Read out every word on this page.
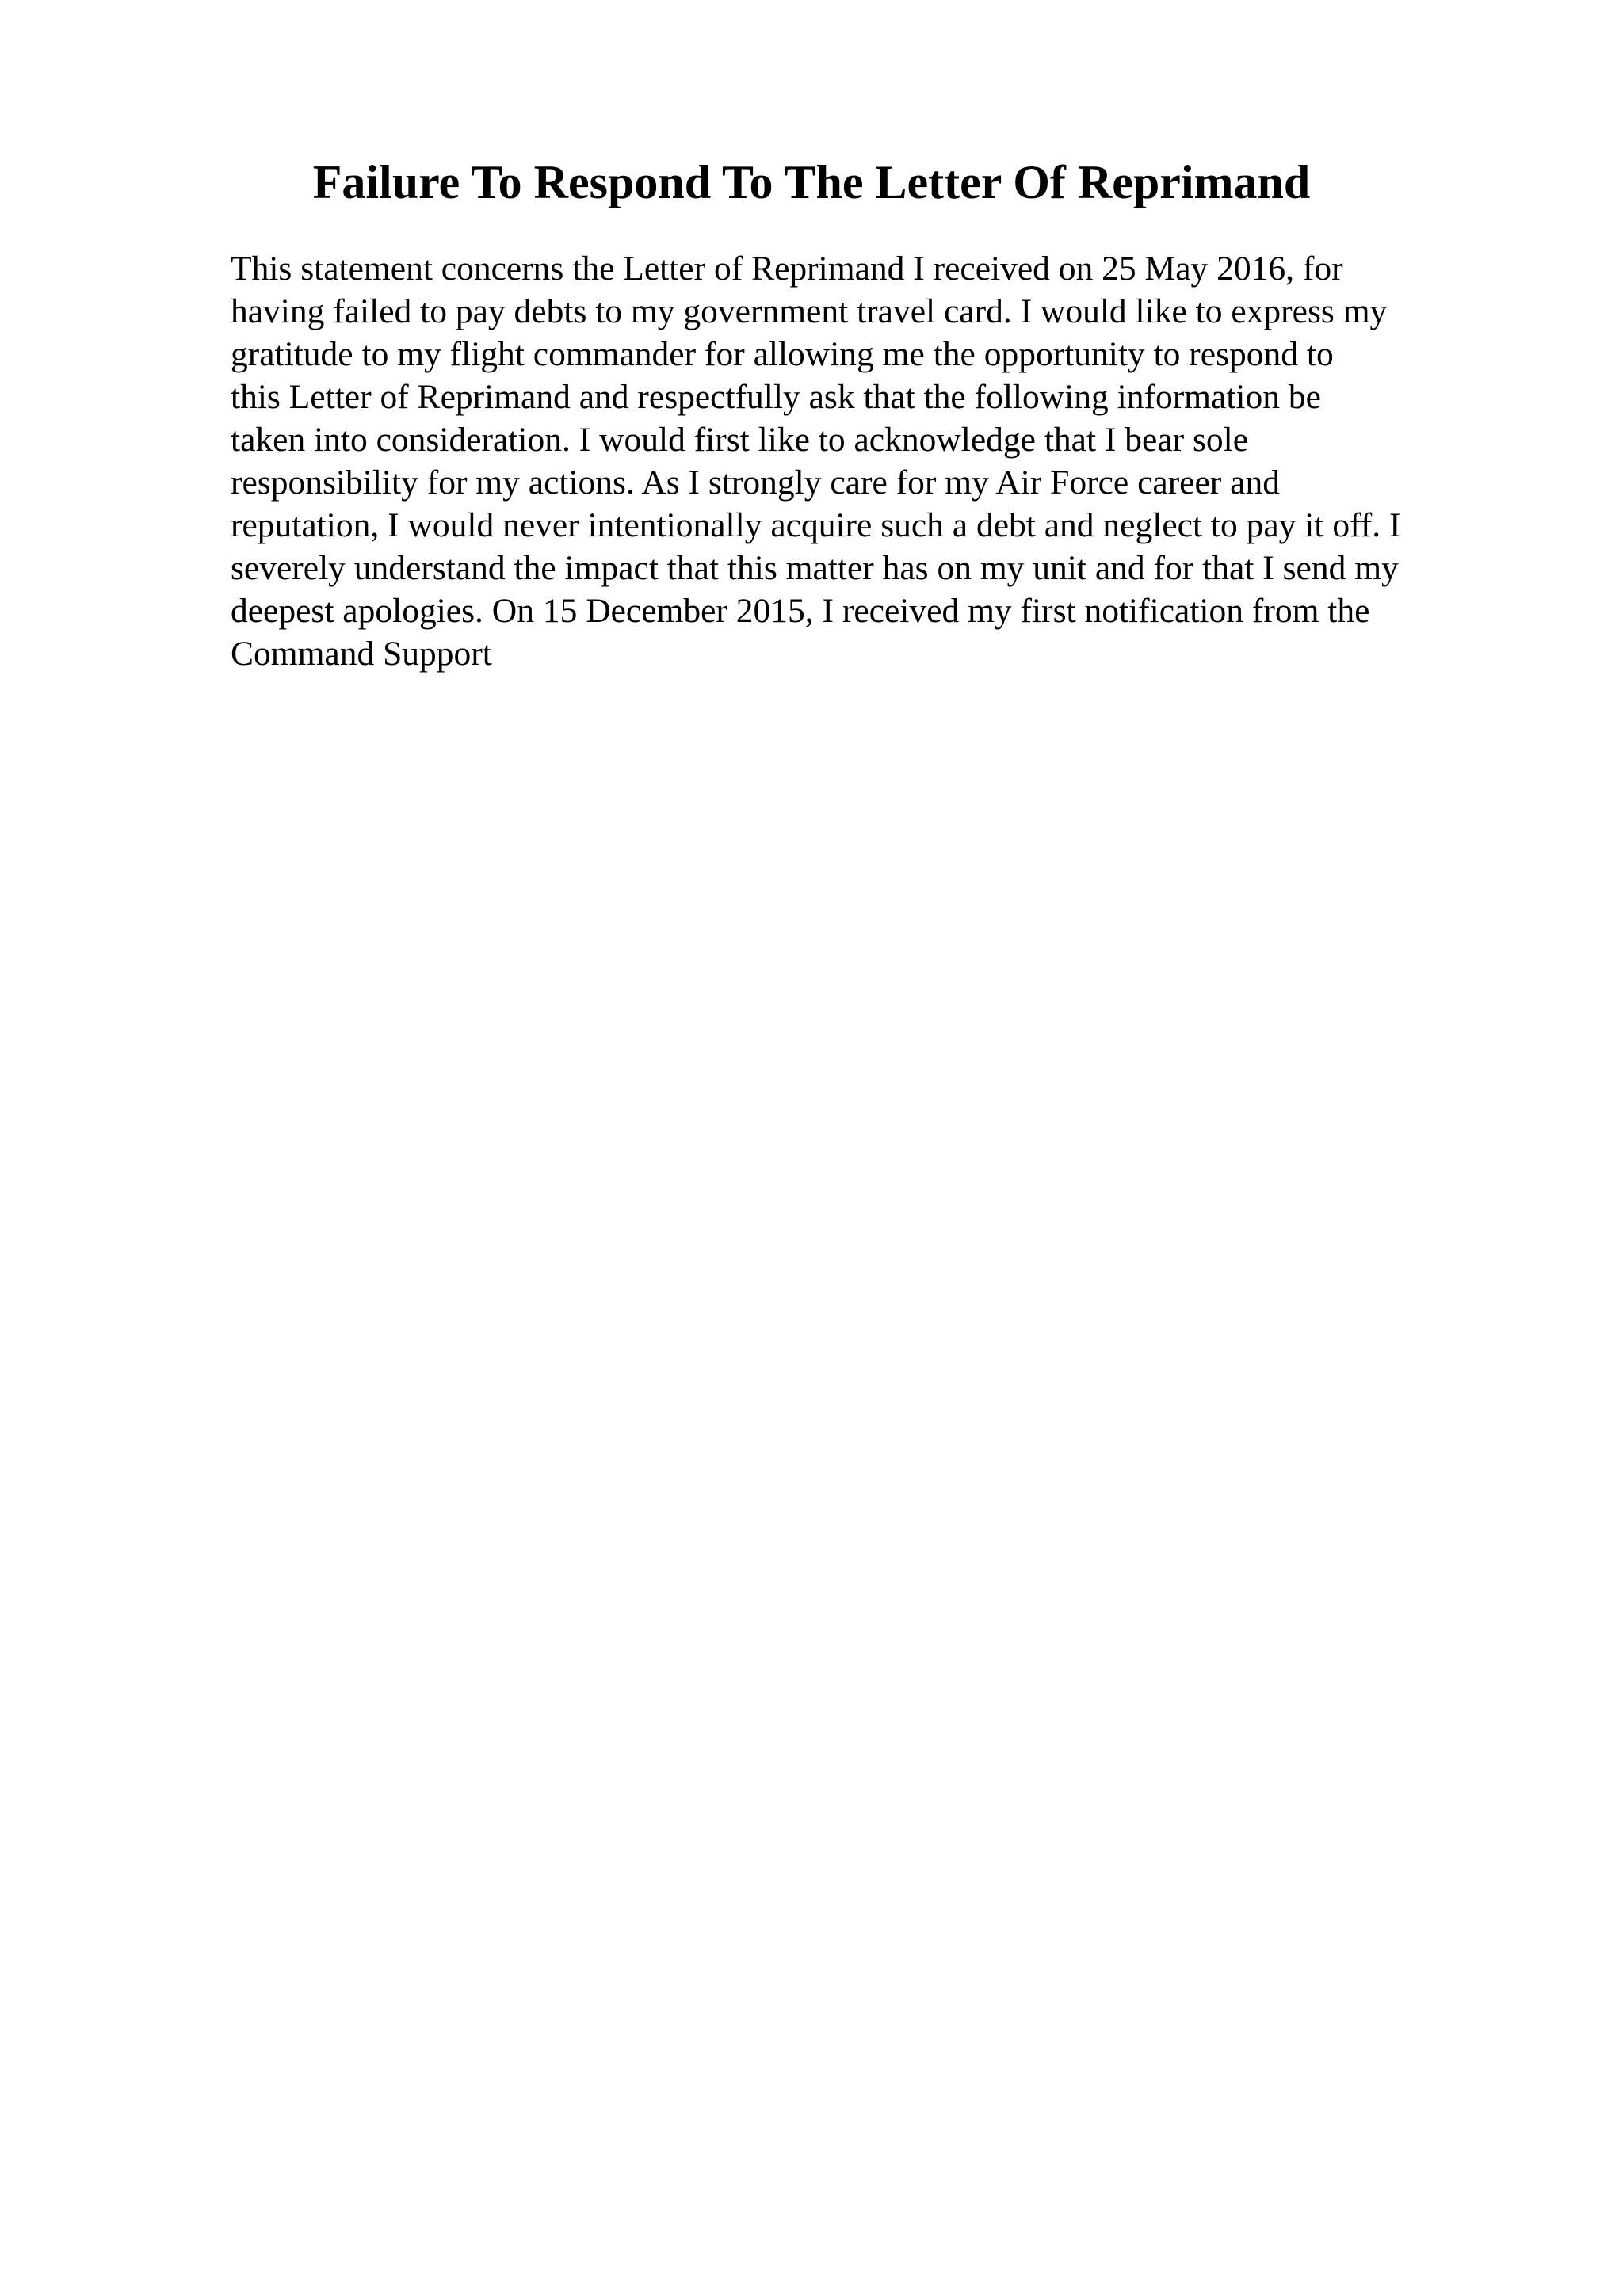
Failure To Respond To The Letter Of Reprimand
This statement concerns the Letter of Reprimand I received on 25 May 2016, for
having failed to pay debts to my government travel card. I would like to express my
gratitude to my flight commander for allowing me the opportunity to respond to
this Letter of Reprimand and respectfully ask that the following information be
taken into consideration. I would first like to acknowledge that I bear sole
responsibility for my actions. As I strongly care for my Air Force career and
reputation, I would never intentionally acquire such a debt and neglect to pay it off. I
severely understand the impact that this matter has on my unit and for that I send my
deepest apologies. On 15 December 2015, I received my first notification from the
Command Support
